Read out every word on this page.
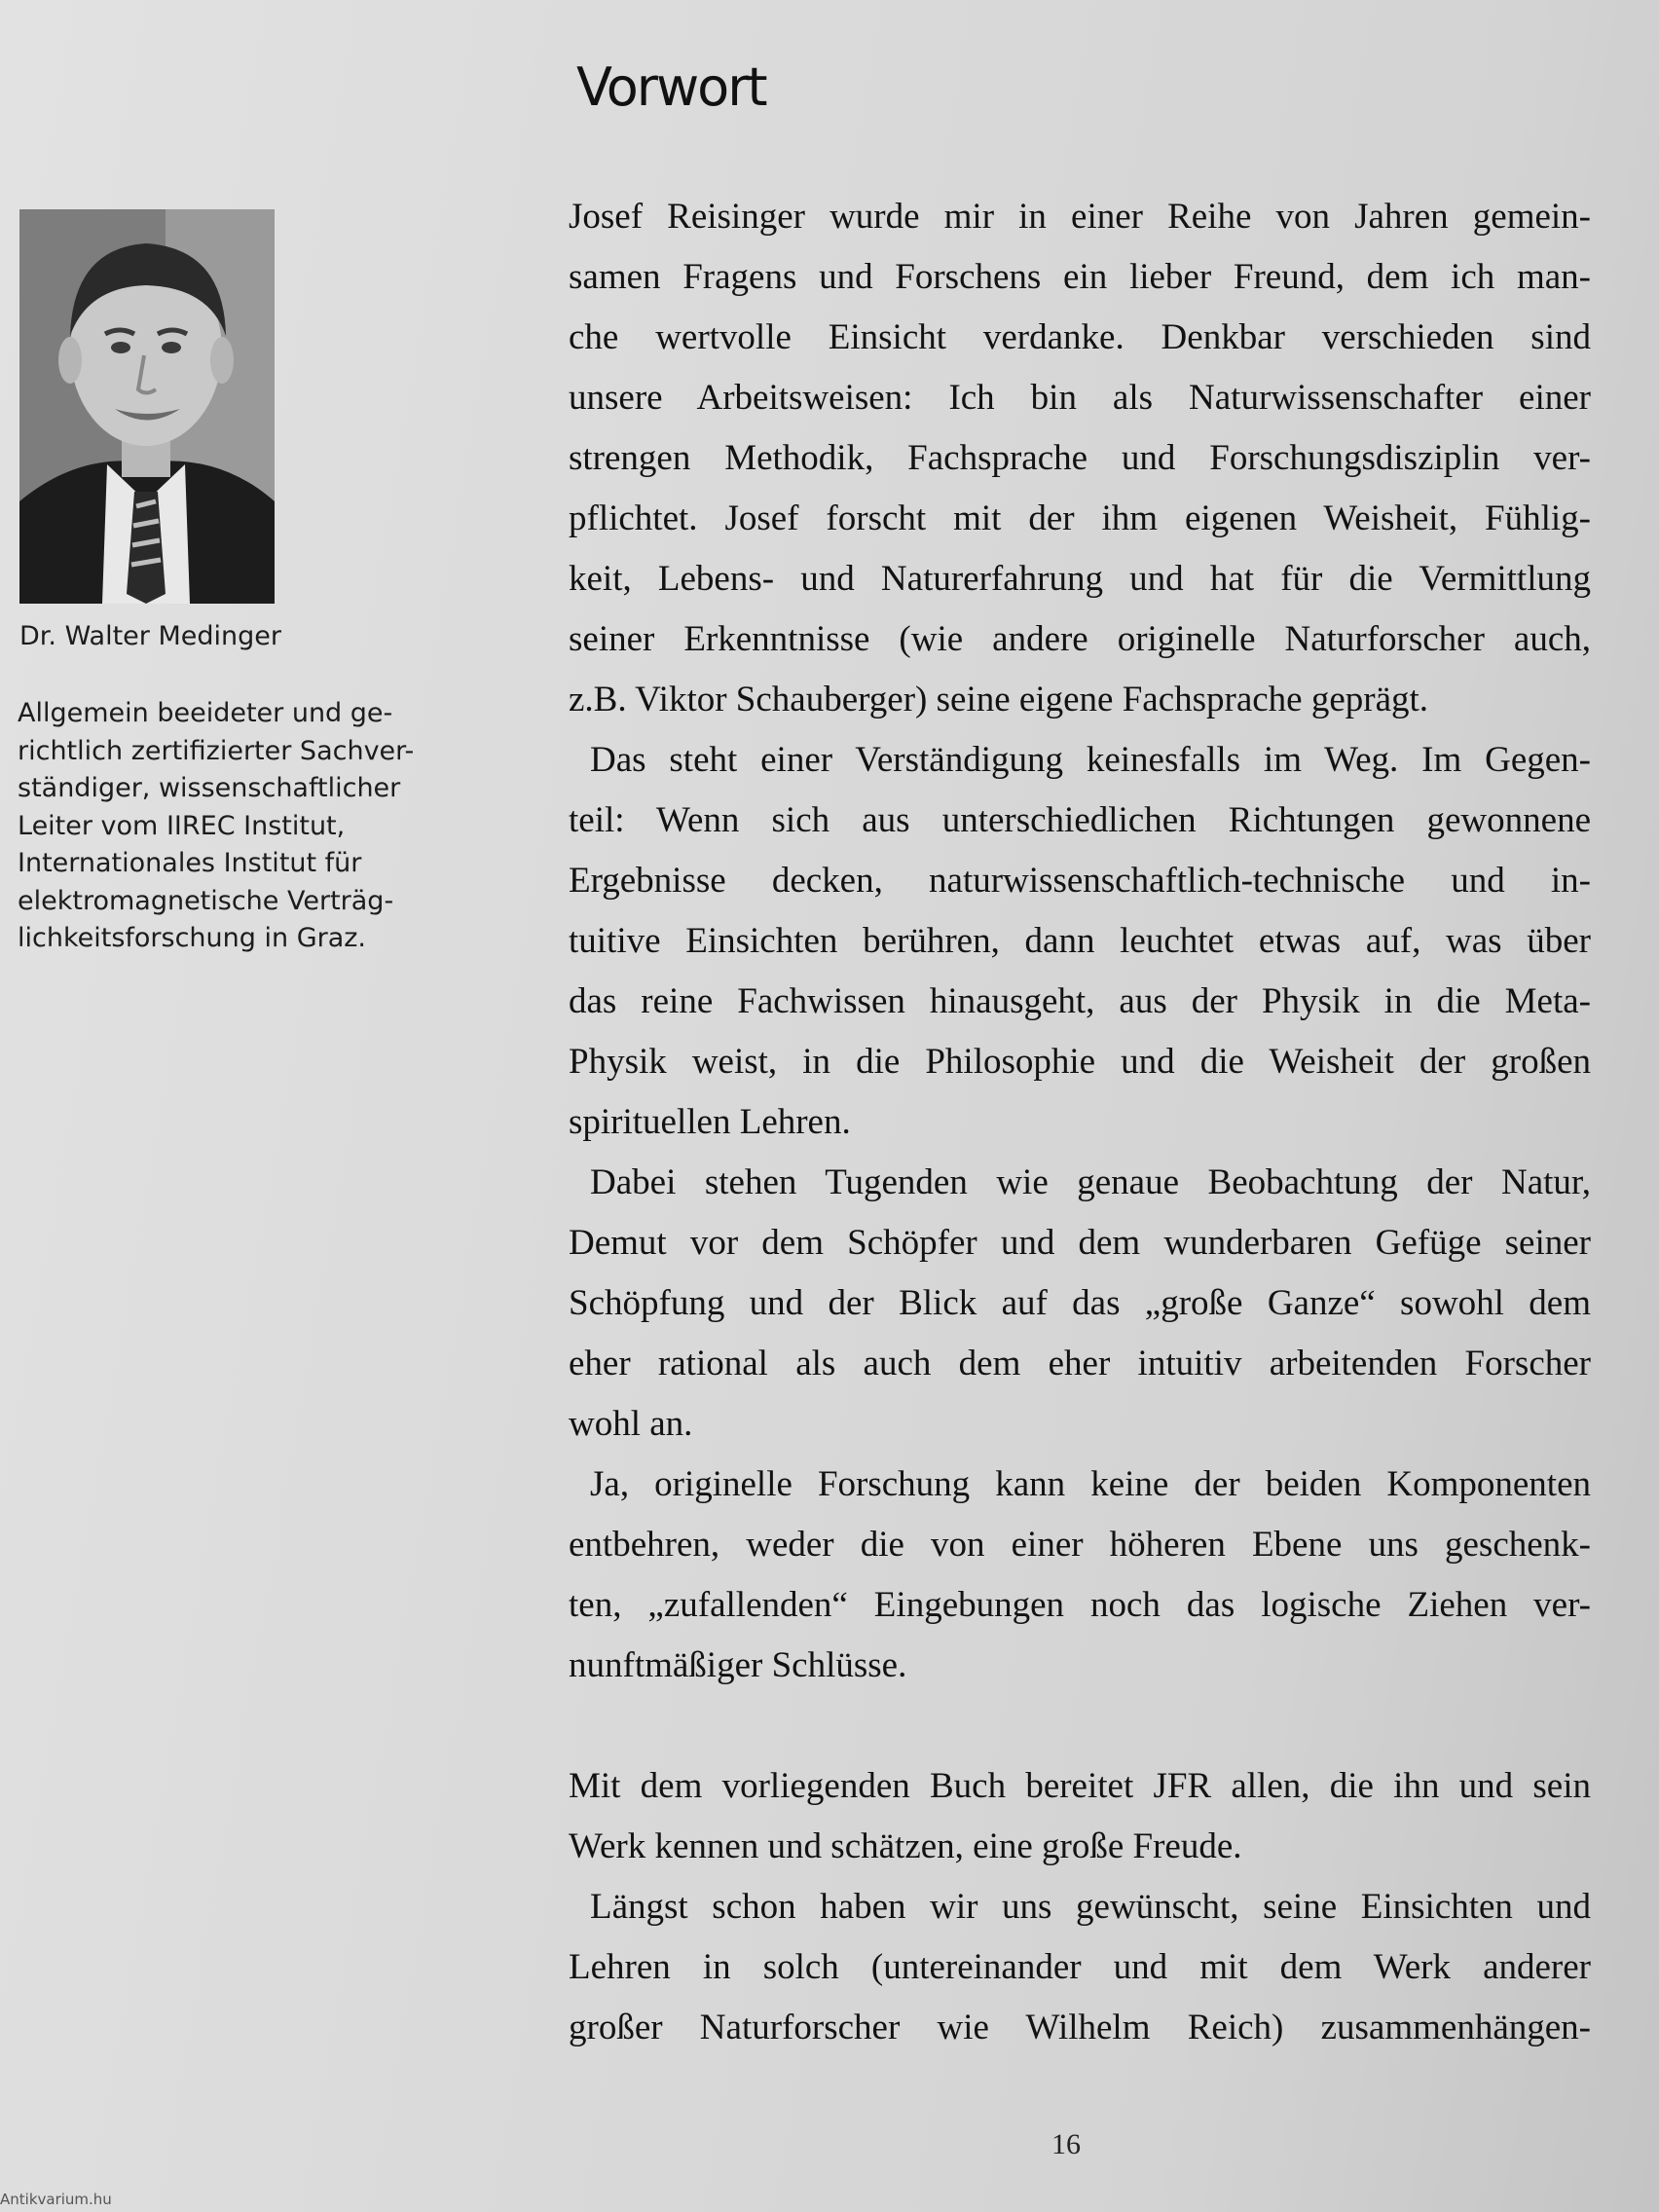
Vorwort

Dr. Walter Medinger

Allgemein beeideter und ge-
richtlich zertifizierter Sachver-
ständiger, wissenschaftlicher
Leiter vom IIREC Institut,
Internationales Institut für
elektromagnetische Verträg-
lichkeitsforschung in Graz.
Josef Reisinger wurde mir in einer Reihe von Jahren gemein-
samen Fragens und Forschens ein lieber Freund, dem ich man-
che wertvolle Einsicht verdanke. Denkbar verschieden sind
unsere Arbeitsweisen: Ich bin als Naturwissenschafter einer
strengen Methodik, Fachsprache und Forschungsdisziplin ver-
pflichtet. Josef forscht mit der ihm eigenen Weisheit, Fühlig-
keit, Lebens- und Naturerfahrung und hat für die Vermittlung
seiner Erkenntnisse (wie andere originelle Naturforscher auch,
z.B. Viktor Schauberger) seine eigene Fachsprache geprägt.
Das steht einer Verständigung keinesfalls im Weg. Im Gegen-
teil: Wenn sich aus unterschiedlichen Richtungen gewonnene
Ergebnisse decken, naturwissenschaftlich-technische und in-
tuitive Einsichten berühren, dann leuchtet etwas auf, was über
das reine Fachwissen hinausgeht, aus der Physik in die Meta-
Physik weist, in die Philosophie und die Weisheit der großen
spirituellen Lehren.
Dabei stehen Tugenden wie genaue Beobachtung der Natur,
Demut vor dem Schöpfer und dem wunderbaren Gefüge seiner
Schöpfung und der Blick auf das „große Ganze“ sowohl dem
eher rational als auch dem eher intuitiv arbeitenden Forscher
wohl an.
Ja, originelle Forschung kann keine der beiden Komponenten
entbehren, weder die von einer höheren Ebene uns geschenk-
ten, „zufallenden“ Eingebungen noch das logische Ziehen ver-
nunftmäßiger Schlüsse.
Mit dem vorliegenden Buch bereitet JFR allen, die ihn und sein
Werk kennen und schätzen, eine große Freude.
Längst schon haben wir uns gewünscht, seine Einsichten und
Lehren in solch (untereinander und mit dem Werk anderer
großer Naturforscher wie Wilhelm Reich) zusammenhängen-
16
Antikvarium.hu
